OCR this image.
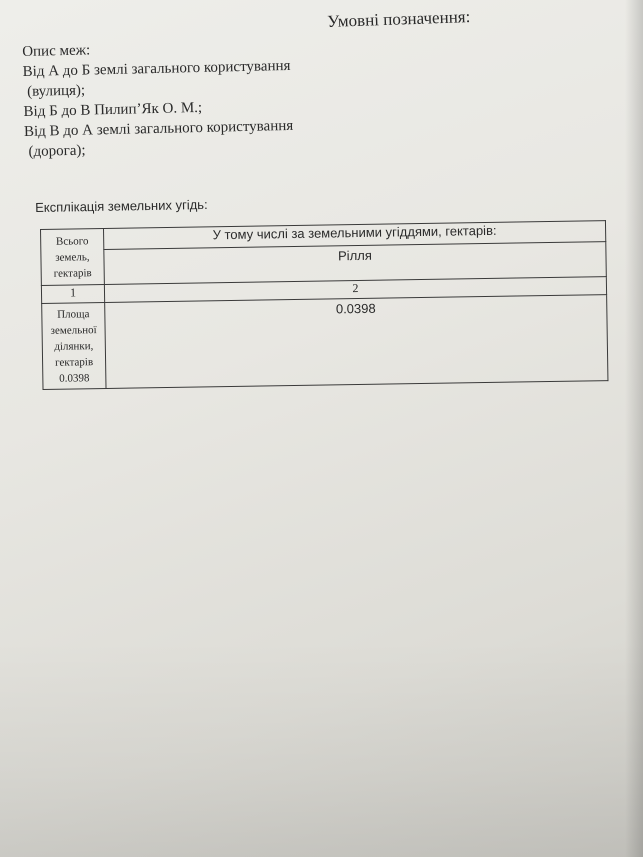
Умовні позначення:
Опис меж:
Від А до Б землі загального користування
(вулиця);
Від Б до В Пилип’Як О. М.;
Від В до А землі загального користування
(дорога);
Експлікація земельних угідь:
Всього
земель,
гектарів	У тому числі за земельними угіддями, гектарів:
	Рілля
1	2

Площа
земельної
ділянки,
гектарів
0.0398	0.0398
